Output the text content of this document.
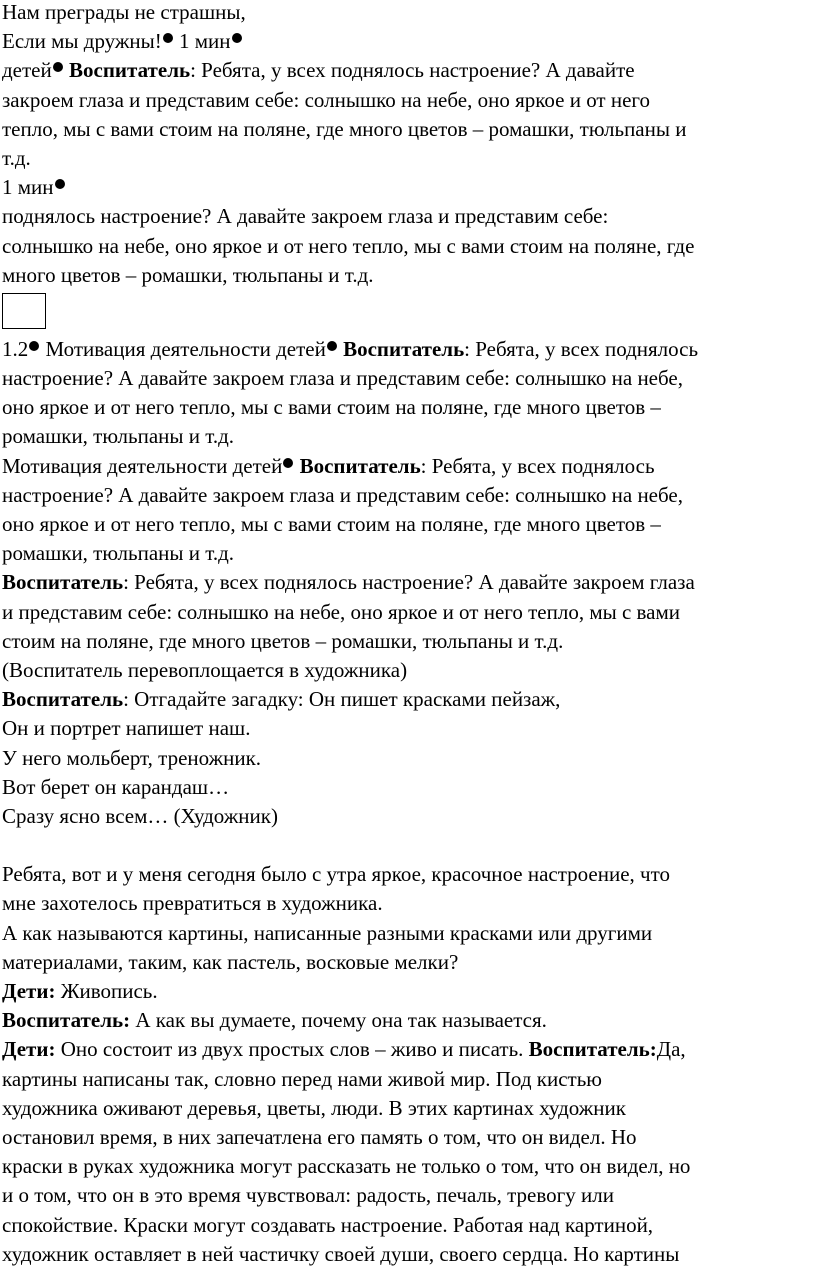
Нам преграды не страшны,
Если мы дружны! 1 мин
детей Воспитатель: Ребята, у всех поднялось настроение? А давайте
закроем глаза и представим себе: солнышко на небе, оно яркое и от него
тепло, мы с вами стоим на поляне, где много цветов – ромашки, тюльпаны и
т.д.
1 мин
поднялось настроение? А давайте закроем глаза и представим себе:
солнышко на небе, оно яркое и от него тепло, мы с вами стоим на поляне, где
много цветов – ромашки, тюльпаны и т.д.
1.2 Мотивация деятельности детей Воспитатель: Ребята, у всех поднялось
настроение? А давайте закроем глаза и представим себе: солнышко на небе,
оно яркое и от него тепло, мы с вами стоим на поляне, где много цветов –
ромашки, тюльпаны и т.д.
Мотивация деятельности детей Воспитатель: Ребята, у всех поднялось
настроение? А давайте закроем глаза и представим себе: солнышко на небе,
оно яркое и от него тепло, мы с вами стоим на поляне, где много цветов –
ромашки, тюльпаны и т.д.
Воспитатель: Ребята, у всех поднялось настроение? А давайте закроем глаза
и представим себе: солнышко на небе, оно яркое и от него тепло, мы с вами
стоим на поляне, где много цветов – ромашки, тюльпаны и т.д.
(Воспитатель перевоплощается в художника)
Воспитатель: Отгадайте загадку: Он пишет красками пейзаж,
Он и портрет напишет наш.
У него мольберт, треножник.
Вот берет он карандаш…
Сразу ясно всем… (Художник)
Ребята, вот и у меня сегодня было с утра яркое, красочное настроение, что
мне захотелось превратиться в художника.
А как называются картины, написанные разными красками или другими
материалами, таким, как пастель, восковые мелки?
Дети: Живопись.
Воспитатель: А как вы думаете, почему она так называется.
Дети: Оно состоит из двух простых слов – живо и писать. Воспитатель:Да,
картины написаны так, словно перед нами живой мир. Под кистью
художника оживают деревья, цветы, люди. В этих картинах художник
остановил время, в них запечатлена его память о том, что он видел. Но
краски в руках художника могут рассказать не только о том, что он видел, но
и о том, что он в это время чувствовал: радость, печаль, тревогу или
спокойствие. Краски могут создавать настроение. Работая над картиной,
художник оставляет в ней частичку своей души, своего сердца. Но картины
